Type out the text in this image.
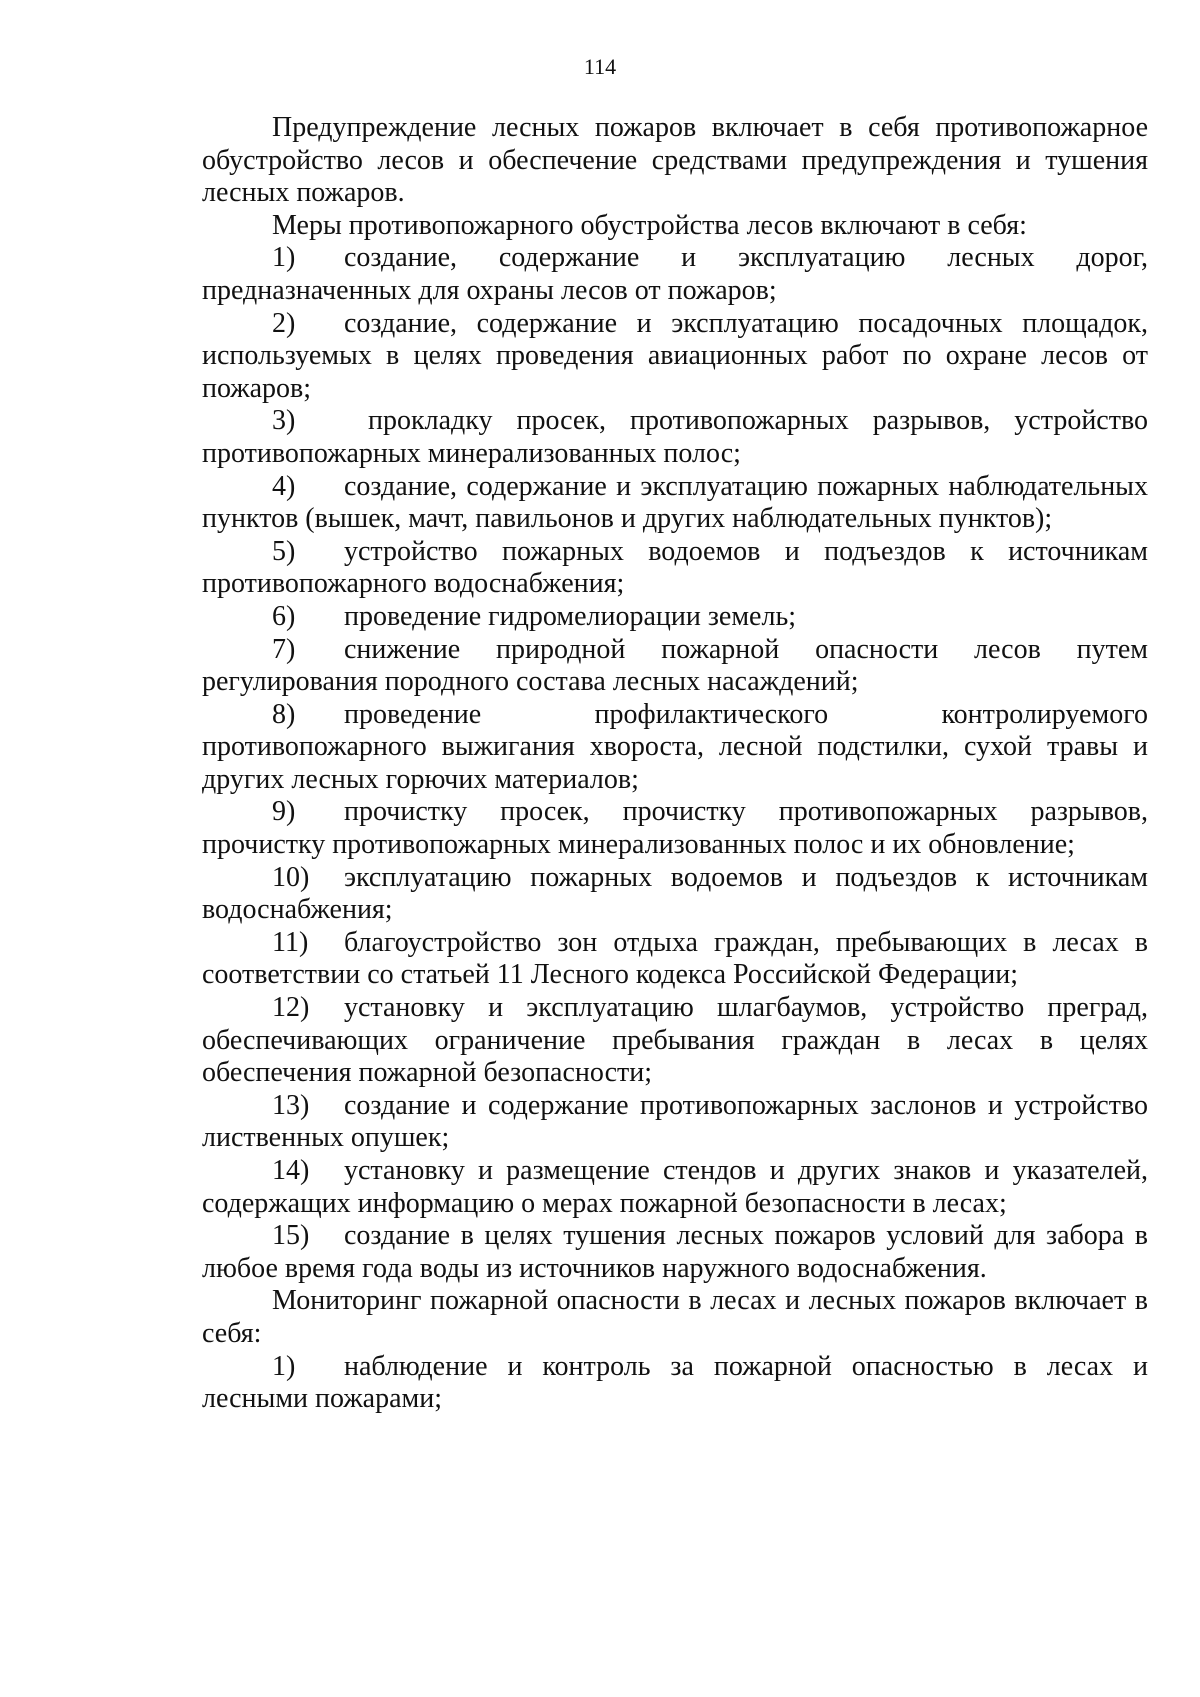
114

Предупреждение лесных пожаров включает в себя противопожарное обустройство лесов и обеспечение средствами предупреждения и тушения лесных пожаров.

Меры противопожарного обустройства лесов включают в себя:

1) создание, содержание и эксплуатацию лесных дорог, предназначенных для охраны лесов от пожаров;

2) создание, содержание и эксплуатацию посадочных площадок, используемых в целях проведения авиационных работ по охране лесов от пожаров;

3) прокладку просек, противопожарных разрывов, устройство противопожарных минерализованных полос;

4) создание, содержание и эксплуатацию пожарных наблюдательных пунктов (вышек, мачт, павильонов и других наблюдательных пунктов);

5) устройство пожарных водоемов и подъездов к источникам противопожарного водоснабжения;

6) проведение гидромелиорации земель;

7) снижение природной пожарной опасности лесов путем регулирования породного состава лесных насаждений;

8) проведение профилактического контролируемого противопожарного выжигания хвороста, лесной подстилки, сухой травы и других лесных горючих материалов;

9) прочистку просек, прочистку противопожарных разрывов, прочистку противопожарных минерализованных полос и их обновление;

10) эксплуатацию пожарных водоемов и подъездов к источникам водоснабжения;

11) благоустройство зон отдыха граждан, пребывающих в лесах в соответствии со статьей 11 Лесного кодекса Российской Федерации;

12) установку и эксплуатацию шлагбаумов, устройство преград, обеспечивающих ограничение пребывания граждан в лесах в целях обеспечения пожарной безопасности;

13) создание и содержание противопожарных заслонов и устройство лиственных опушек;

14) установку и размещение стендов и других знаков и указателей, содержащих информацию о мерах пожарной безопасности в лесах;

15) создание в целях тушения лесных пожаров условий для забора в любое время года воды из источников наружного водоснабжения.

Мониторинг пожарной опасности в лесах и лесных пожаров включает в себя:

1) наблюдение и контроль за пожарной опасностью в лесах и лесными пожарами;
